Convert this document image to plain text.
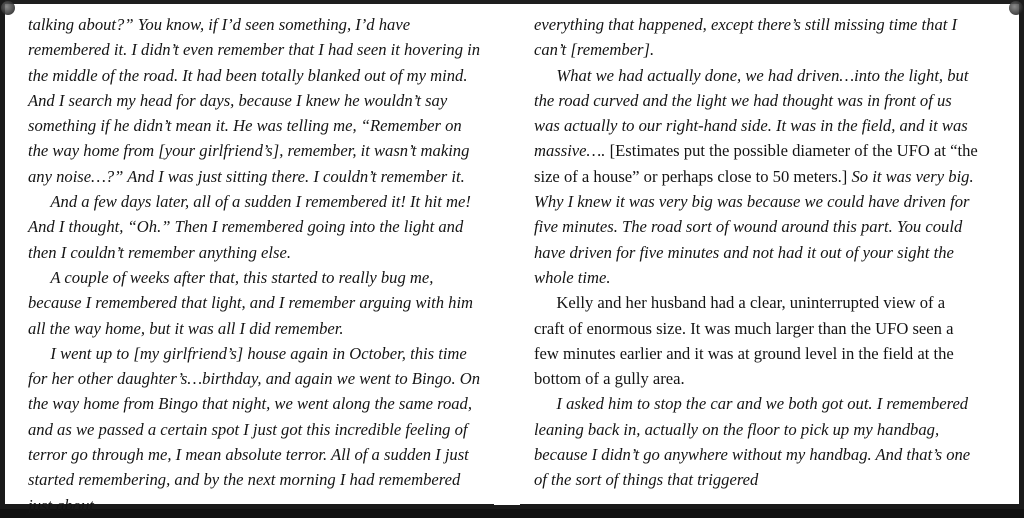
talking about?” You know, if I’d seen something, I’d have remembered it. I didn’t even remember that I had seen it hovering in the middle of the road. It had been totally blanked out of my mind. And I search my head for days, because I knew he wouldn’t say something if he didn’t mean it. He was telling me, “Remember on the way home from [your girlfriend’s], remember, it wasn’t making any noise…?” And I was just sitting there. I couldn’t remember it.

And a few days later, all of a sudden I remembered it! It hit me! And I thought, “Oh.” Then I remembered going into the light and then I couldn’t remember anything else.

A couple of weeks after that, this started to really bug me, because I remembered that light, and I remember arguing with him all the way home, but it was all I did remember.

I went up to [my girlfriend’s] house again in October, this time for her other daughter’s…birthday, and again we went to Bingo. On the way home from Bingo that night, we went along the same road, and as we passed a certain spot I just got this incredible feeling of terror go through me, I mean absolute terror. All of a sudden I just started remembering, and by the next morning I had remembered just about

everything that happened, except there’s still missing time that I can’t [remember].

What we had actually done, we had driven…into the light, but the road curved and the light we had thought was in front of us was actually to our right-hand side. It was in the field, and it was massive…. [Estimates put the possible diameter of the UFO at “the size of a house” or perhaps close to 50 meters.] So it was very big. Why I knew it was very big was because we could have driven for five minutes. The road sort of wound around this part. You could have driven for five minutes and not had it out of your sight the whole time.

Kelly and her husband had a clear, uninterrupted view of a craft of enormous size. It was much larger than the UFO seen a few minutes earlier and it was at ground level in the field at the bottom of a gully area.

I asked him to stop the car and we both got out. I remembered leaning back in, actually on the floor to pick up my handbag, because I didn’t go anywhere without my handbag. And that’s one of the sort of things that triggered
